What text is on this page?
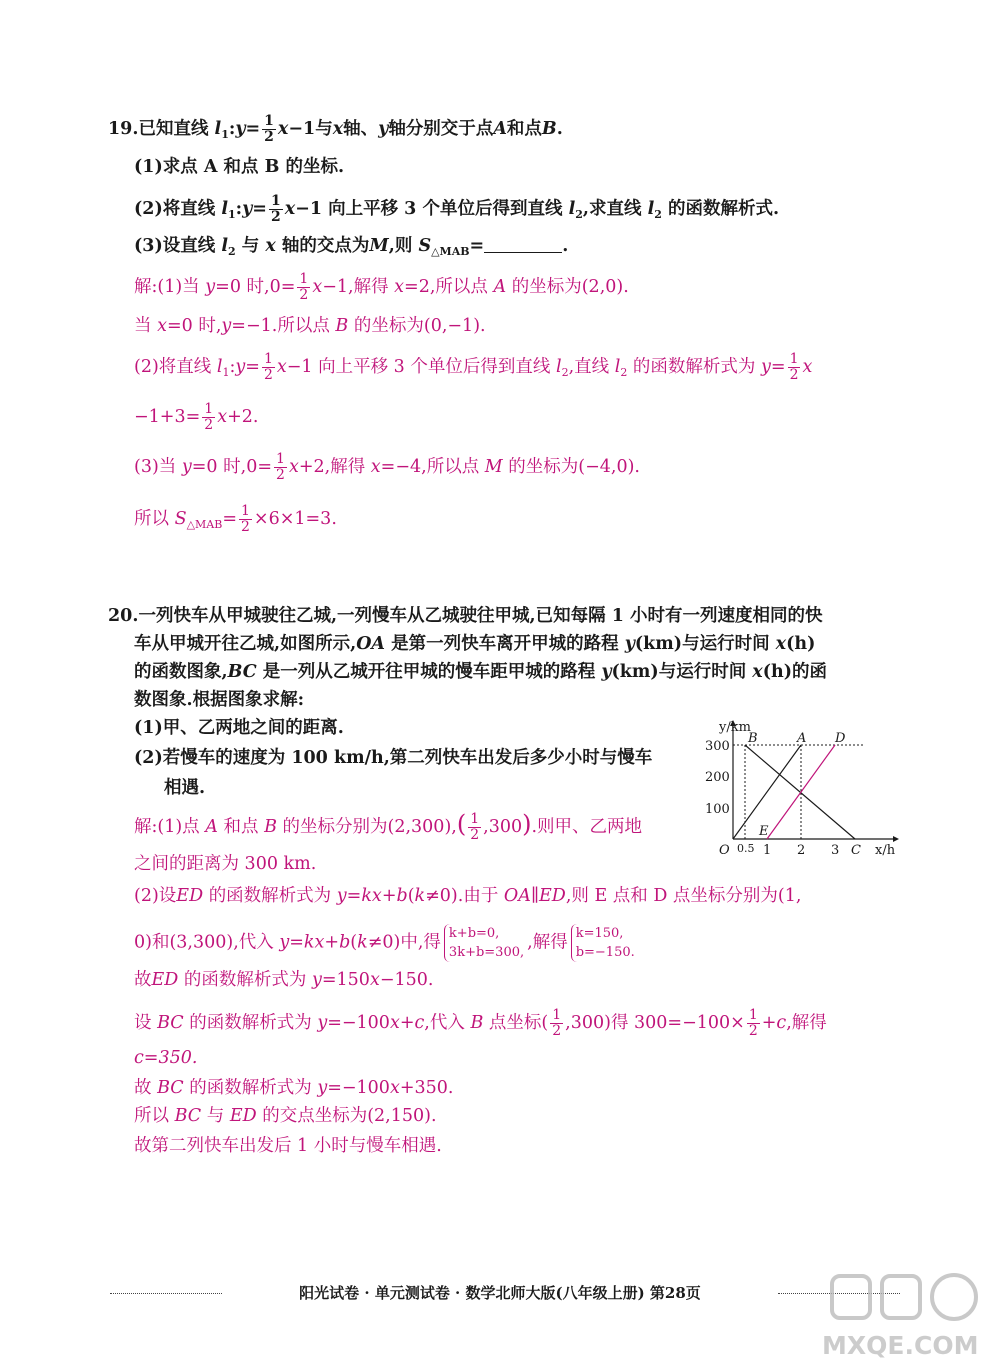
19.已知直线 $l_1:y= \frac{1}{2} x-1$与x轴、y轴分别交于点A和点B.
(1)求点 A 和点 B 的坐标.
(2)将直线 $l_1:y= \frac{1}{2} x-1$ 向上平移 3 个单位后得到直线 $l_2$,求直线 $l_2$ 的函数解析式.
(3)设直线 $l_2$ 与 x 轴的交点为M,则 $S_{\triangle MAB}=$	.
解:(1)当 y=0 时$,0= \frac{1}{2} x-1$,解得 x=2,所以点 A 的坐标为(2,0).
当 x=0 时,y=−1.所以点 B 的坐标为(0,−1).
(2)将直线 $l_1:y= \frac{1}{2} x-1$ 向上平移 3 个单位后得到直线 $l_2$,直线 $l_2$ 的函数解析式为 $y= \frac{1}{2}$ x
$-1+3= \frac{1}{2} x+2$.
(3)当 y=0 时$,0= \frac{1}{2} x+2$,解得 x=−4,所以点 M 的坐标为(−4,0).
所以 $S_{\triangle MAB}= \frac{1}{2} \times 6\times 1=3$.
20.一列快车从甲城驶往乙城,一列慢车从乙城驶往甲城,已知每隔 1 小时有一列速度相同的快
车从甲城开往乙城,如图所示,OA 是第一列快车离开甲城的路程 y(km)与运行时间 x(h)
的函数图象,BC 是一列从乙城开往甲城的慢车距甲城的路程 y(km)与运行时间 x(h)的函
数图象.根据图象求解:
(1)甲、乙两地之间的距离.
(2)若慢车的速度为 100 km/h,第二列快车出发后多少小时与慢车
相遇.
y/km
x/h
300
200
100
O 0.5 1 2 3
B	A D
E
C
解:(1)点 A 和点 B 的坐标分别为$(2,300),( \frac{1}{2} ,300)$.则甲、乙两地
之间的距离为 300 km.
(2)设ED 的函数解析式为 y=kx+b(k≠0).由于 OA∥ED,则 E 点和 D 点坐标分别为(1,
0)和(3,300),代入 y=kx+b(k≠0)中,得 k+b=0,
3k+b=300, ,解得 k=150,
b=−150.
故ED 的函数解析式为 y=150x−150.
设 BC 的函数解析式为 y=−100x+c,代入 B 点坐标( $\frac{1}{2} ,300$)得 $300=-100\times \frac{1}{2} +c$,解得
c=350.
故 BC 的函数解析式为 y=−100x+350.
所以 BC 与 ED 的交点坐标为(2,150).
故第二列快车出发后 1 小时与慢车相遇.
阳光试卷 · 单元测试卷 · 数学北师大版(八年级上册) 第28页
MXQE.COM
